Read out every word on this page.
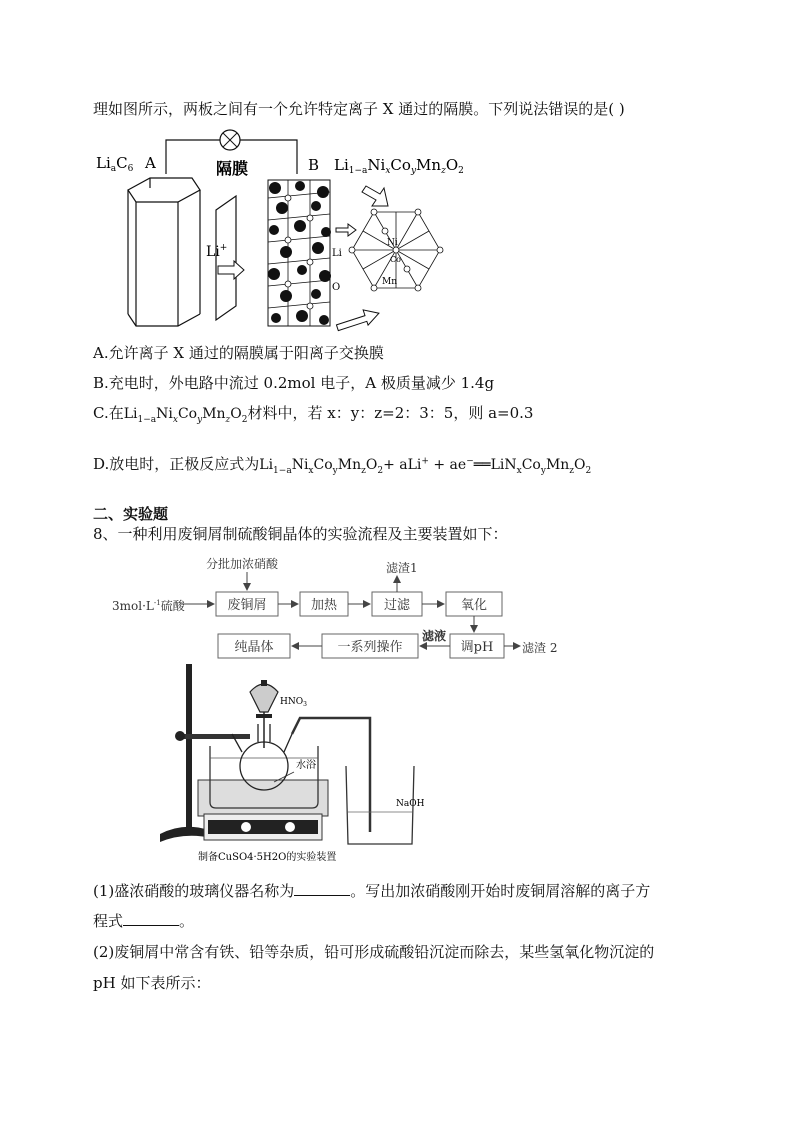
理如图所示，两板之间有一个允许特定离子 X 通过的隔膜。下列说法错误的是( )
$Li_aC_6$ A	隔膜	B $Li_{1-a}Ni_xCo_yMn_zO_2$
Li+	Li
O
Ni
Co
Mn
A.允许离子 X 通过的隔膜属于阳离子交换膜
B.充电时，外电路中流过 0.2mol 电子，A 极质量减少 1.4g
C.在$Li_{1-a}Ni_xCo_yMn_zO_2$材料中，若 x：y：z=2：3：5，则 a=0.3
D.放电时，正极反应式为$Li_{1-a}Ni_xCo_yMn_zO_2+ aLi^+$ + $ae^-══LiN_xCo_yMn_zO_2$
二、实验题
8、一种利用废铜屑制硫酸铜晶体的实验流程及主要装置如下：
分批加浓硝酸
$3mol\cdot L^{-1}$硫酸
滤渣1
滤渣 2
滤液
废铜屑	加热	过滤	氧化
调pH
一系列操作
纯晶体
水浴
$HNO_3$
NaOH
制备CuSO4·5H2O的实验装置
(1)盛浓硝酸的玻璃仪器名称为	。写出加浓硝酸刚开始时废铜屑溶解的离子方
程式	。
(2)废铜屑中常含有铁、铅等杂质，铅可形成硫酸铅沉淀而除去，某些氢氧化物沉淀的
pH 如下表所示：
